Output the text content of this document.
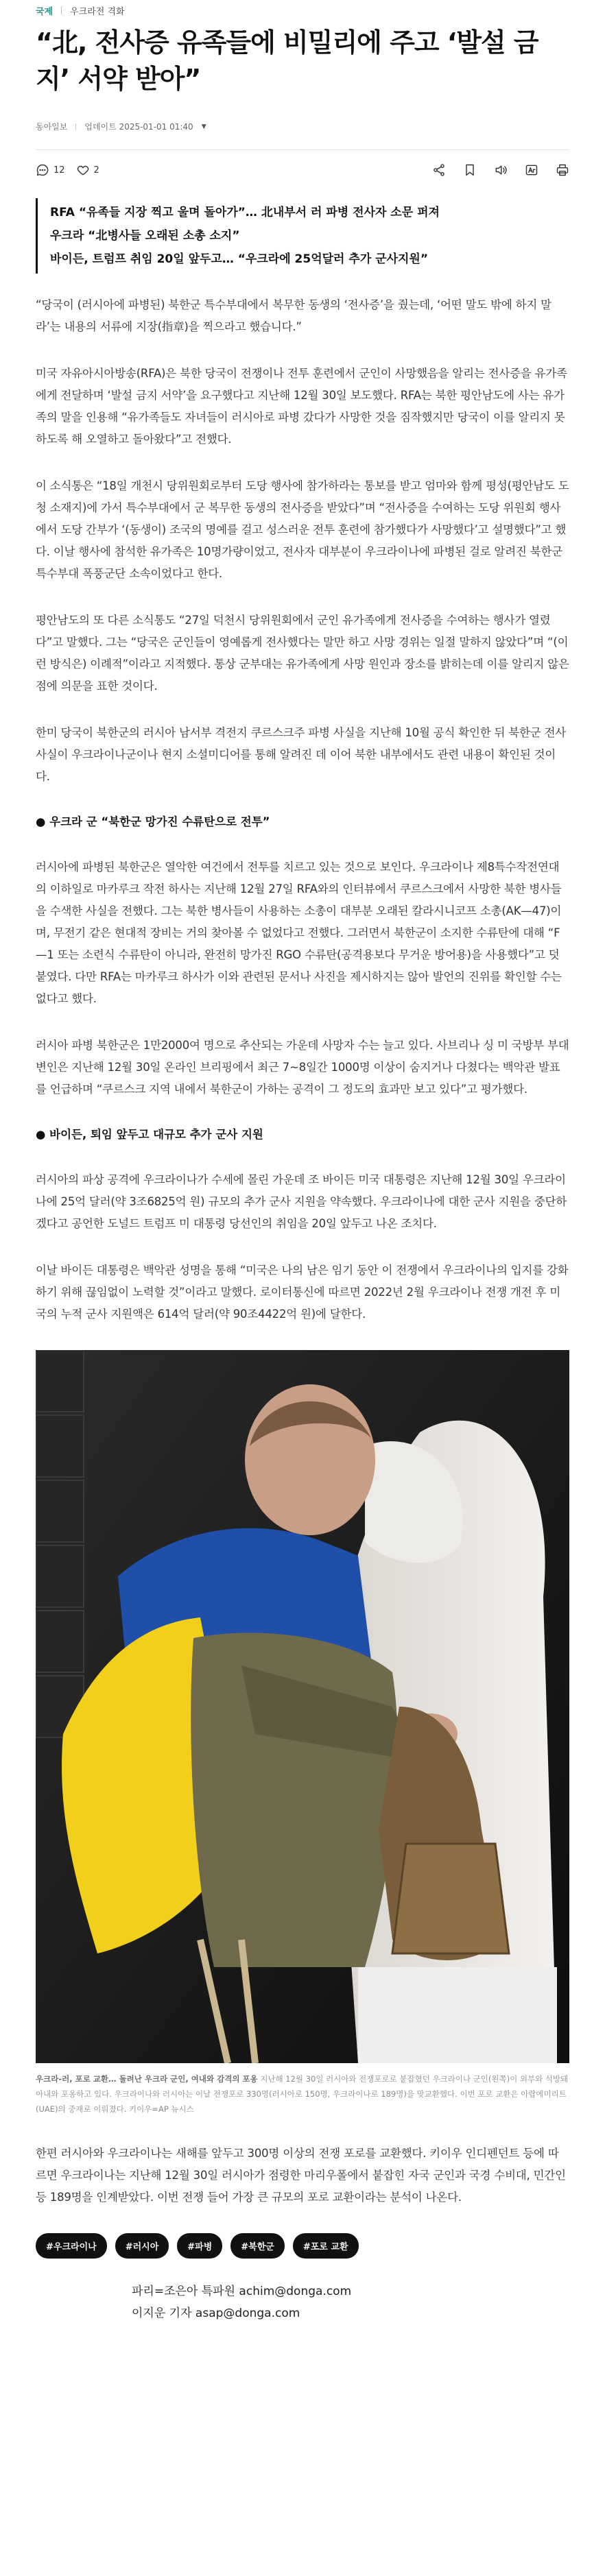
국제 우크라전 격화
“北, 전사증 유족들에 비밀리에 주고 ‘발설 금지’ 서약 받아”
동아일보 업데이트 2025-01-01 01:40 ▼
12	2

RFA “유족들 지장 찍고 울며 돌아가”… 北내부서 러 파병 전사자 소문 퍼져

우크라 “北병사들 오래된 소총 소지”

바이든, 트럼프 취임 20일 앞두고… “우크라에 25억달러 추가 군사지원”

“당국이 (러시아에 파병된) 북한군 특수부대에서 복무한 동생의 ‘전사증’을 줬는데, ‘어떤 말도 밖에 하지 말라’는 내용의 서류에 지장(指章)을 찍으라고 했습니다.”

미국 자유아시아방송(RFA)은 북한 당국이 전쟁이나 전투 훈련에서 군인이 사망했음을 알리는 전사증을 유가족에게 전달하며 ‘발설 금지 서약’을 요구했다고 지난해 12월 30일 보도했다. RFA는 북한 평안남도에 사는 유가족의 말을 인용해 “유가족들도 자녀들이 러시아로 파병 갔다가 사망한 것을 짐작했지만 당국이 이를 알리지 못하도록 해 오열하고 돌아왔다”고 전했다.

이 소식통은 “18일 개천시 당위원회로부터 도당 행사에 참가하라는 통보를 받고 엄마와 함께 평성(평안남도 도청 소재지)에 가서 특수부대에서 군 복무한 동생의 전사증을 받았다”며 “전사증을 수여하는 도당 위원회 행사에서 도당 간부가 ‘(동생이) 조국의 명예를 걸고 성스러운 전투 훈련에 참가했다가 사망했다’고 설명했다”고 했다. 이날 행사에 참석한 유가족은 10명가량이었고, 전사자 대부분이 우크라이나에 파병된 걸로 알려진 북한군 특수부대 폭풍군단 소속이었다고 한다.

평안남도의 또 다른 소식통도 “27일 덕천시 당위원회에서 군인 유가족에게 전사증을 수여하는 행사가 열렸다”고 말했다. 그는 “당국은 군인들이 영예롭게 전사했다는 말만 하고 사망 경위는 일절 말하지 않았다”며 “(이런 방식은) 이례적”이라고 지적했다. 통상 군부대는 유가족에게 사망 원인과 장소를 밝히는데 이를 알리지 않은 점에 의문을 표한 것이다.

한미 당국이 북한군의 러시아 남서부 격전지 쿠르스크주 파병 사실을 지난해 10월 공식 확인한 뒤 북한군 전사 사실이 우크라이나군이나 현지 소셜미디어를 통해 알려진 데 이어 북한 내부에서도 관련 내용이 확인된 것이다.

● 우크라 군 “북한군 망가진 수류탄으로 전투”

러시아에 파병된 북한군은 열악한 여건에서 전투를 치르고 있는 것으로 보인다. 우크라이나 제8특수작전연대의 이하일로 마카루크 작전 하사는 지난해 12월 27일 RFA와의 인터뷰에서 쿠르스크에서 사망한 북한 병사들을 수색한 사실을 전했다. 그는 북한 병사들이 사용하는 소총이 대부분 오래된 칼라시니코프 소총(AK—47)이며, 무전기 같은 현대적 장비는 거의 찾아볼 수 없었다고 전했다. 그러면서 북한군이 소지한 수류탄에 대해 “F—1 또는 소련식 수류탄이 아니라, 완전히 망가진 RGO 수류탄(공격용보다 무거운 방어용)을 사용했다”고 덧붙였다. 다만 RFA는 마카루크 하사가 이와 관련된 문서나 사진을 제시하지는 않아 발언의 진위를 확인할 수는 없다고 했다.

러시아 파병 북한군은 1만2000여 명으로 추산되는 가운데 사망자 수는 늘고 있다. 사브리나 싱 미 국방부 부대변인은 지난해 12월 30일 온라인 브리핑에서 최근 7~8일간 1000명 이상이 숨지거나 다쳤다는 백악관 발표를 언급하며 “쿠르스크 지역 내에서 북한군이 가하는 공격이 그 정도의 효과만 보고 있다”고 평가했다.

● 바이든, 퇴임 앞두고 대규모 추가 군사 지원

러시아의 파상 공격에 우크라이나가 수세에 몰린 가운데 조 바이든 미국 대통령은 지난해 12월 30일 우크라이나에 25억 달러(약 3조6825억 원) 규모의 추가 군사 지원을 약속했다. 우크라이나에 대한 군사 지원을 중단하겠다고 공언한 도널드 트럼프 미 대통령 당선인의 취임을 20일 앞두고 나온 조치다.

이날 바이든 대통령은 백악관 성명을 통해 “미국은 나의 남은 임기 동안 이 전쟁에서 우크라이나의 입지를 강화하기 위해 끊임없이 노력할 것”이라고 말했다. 로이터통신에 따르면 2022년 2월 우크라이나 전쟁 개전 후 미국의 누적 군사 지원액은 614억 달러(약 90조4422억 원)에 달한다.

우크라-러, 포로 교환… 돌려난 우크라 군인, 여내와 감격의 포옹 지난해 12월 30일 러시아와 전쟁포로로 붙잡혔던 우크라이나 군인(왼쪽)이 외부와 석방돼 아내와 포옹하고 있다. 우크라이나와 러시아는 이날 전쟁포로 330명(러시아로 150명, 우크라이나로 189명)을 맞교환했다. 이번 포로 교환은 아랍에미리트(UAE)의 중재로 이뤄졌다. 키이우=AP 뉴시스

한편 러시아와 우크라이나는 새해를 앞두고 300명 이상의 전쟁 포로를 교환했다. 키이우 인디펜던트 등에 따르면 우크라이나는 지난해 12월 30일 러시아가 점령한 마리우폴에서 붙잡힌 자국 군인과 국경 수비대, 민간인 등 189명을 인계받았다. 이번 전쟁 들어 가장 큰 규모의 포로 교환이라는 분석이 나온다.

#우크라이나	#러시아	#파병	#북한군	#포로 교환
파리=조은아 특파원 achim@donga.com
이지운 기자 asap@donga.com
